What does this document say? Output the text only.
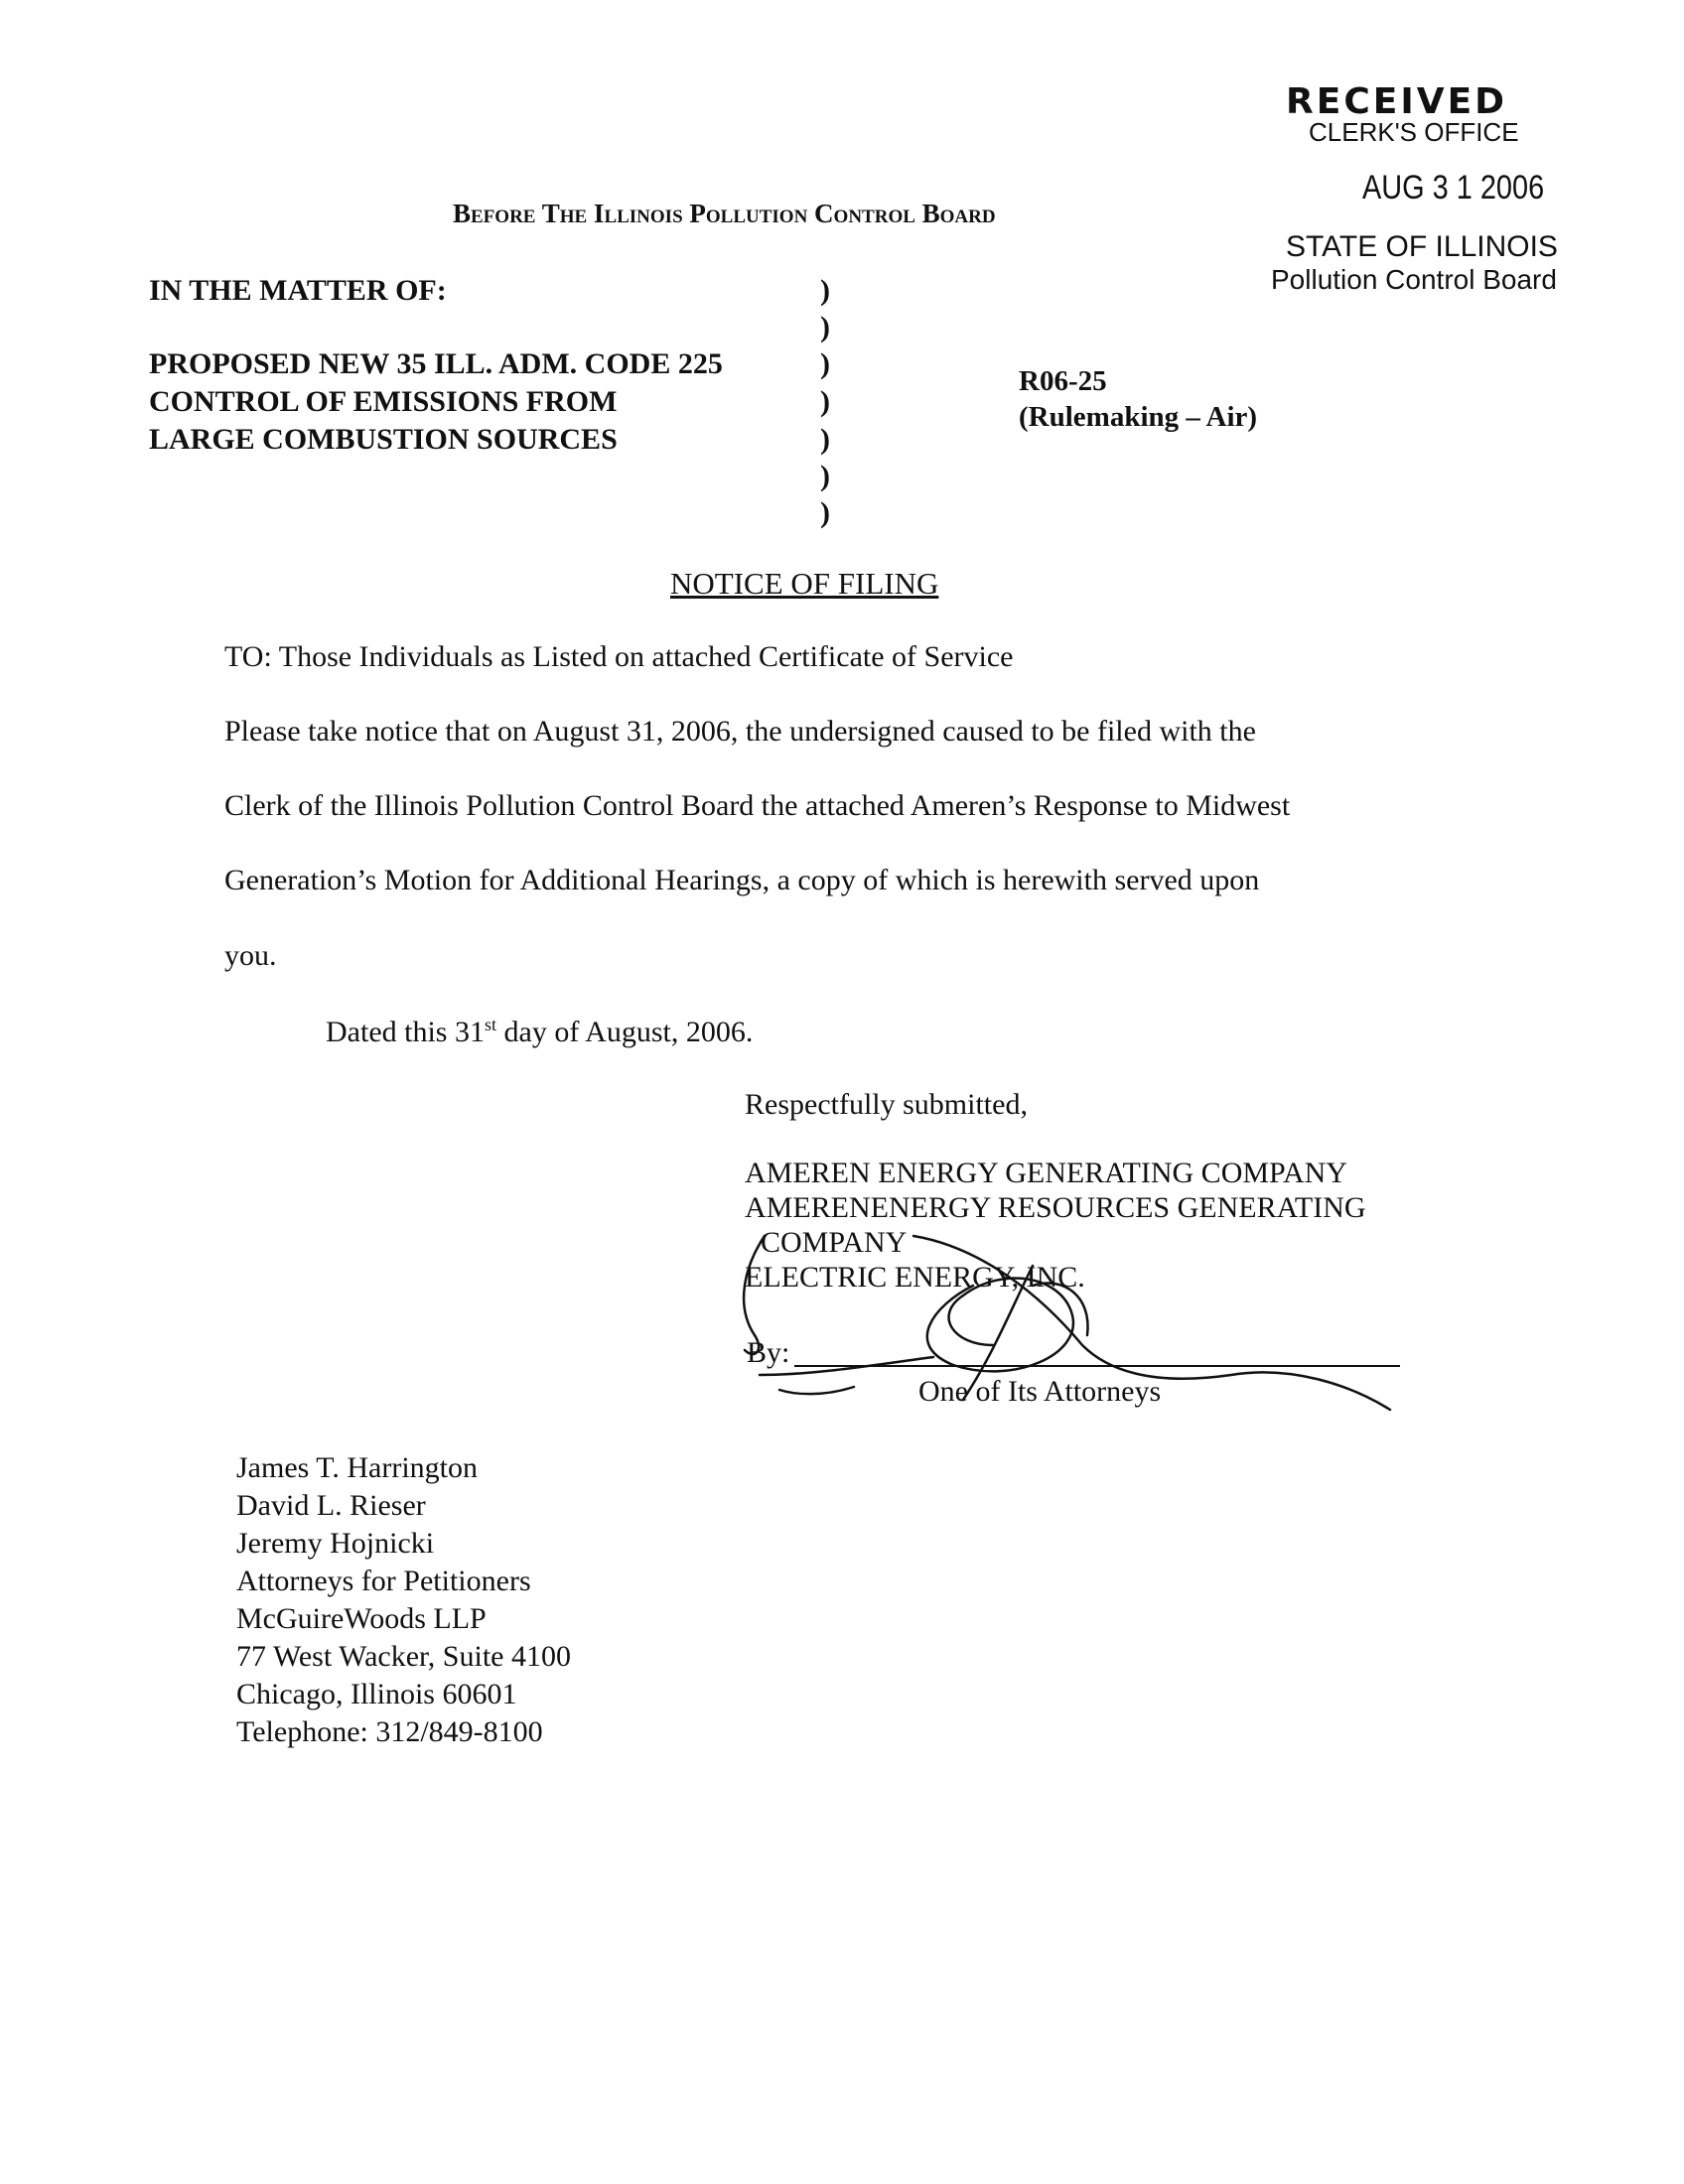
RECEIVED
CLERK'S OFFICE
AUG 3 1 2006
STATE OF ILLINOIS
Pollution Control Board
Before The Illinois Pollution Control Board
IN THE MATTER OF:
PROPOSED NEW 35 ILL. ADM. CODE 225
CONTROL OF EMISSIONS FROM
LARGE COMBUSTION SOURCES
)
)
)
)
)
)
)
R06-25
(Rulemaking – Air)
NOTICE OF FILING
TO: Those Individuals as Listed on attached Certificate of Service
Please take notice that on August 31, 2006, the undersigned caused to be filed with the
Clerk of the Illinois Pollution Control Board the attached Ameren’s Response to Midwest
Generation’s Motion for Additional Hearings, a copy of which is herewith served upon
you.
Dated this 31st day of August, 2006.
Respectfully submitted,
AMEREN ENERGY GENERATING COMPANY
AMERENENERGY RESOURCES GENERATING
COMPANY
ELECTRIC ENERGY, INC.
By:
One of Its Attorneys
James T. Harrington
David L. Rieser
Jeremy Hojnicki
Attorneys for Petitioners
McGuireWoods LLP
77 West Wacker, Suite 4100
Chicago, Illinois 60601
Telephone: 312/849-8100
